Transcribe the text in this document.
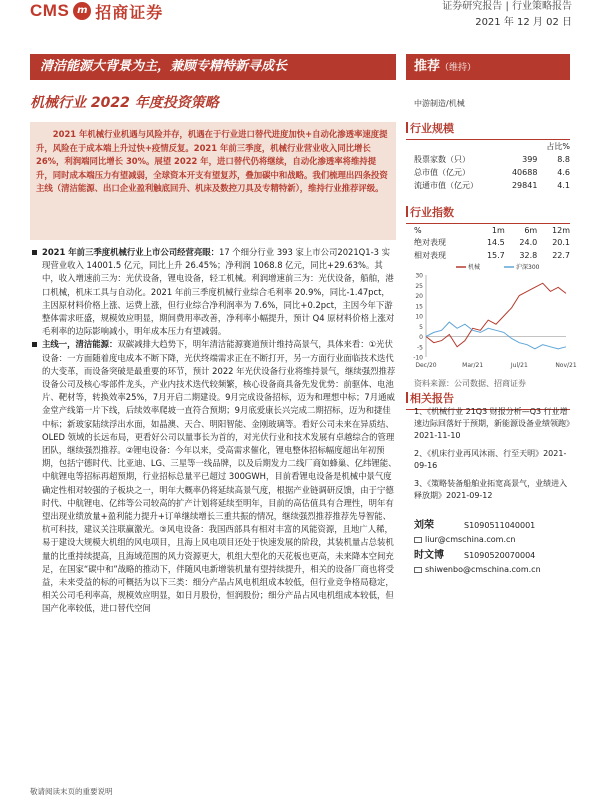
CMS m 招商证券	证券研究报告 | 行业策略报告
2021 年 12 月 02 日
清洁能源大背景为主，兼顾专精特新寻成长	推荐（维持）
机械行业 2022 年度投资策略
2021 年机械行业机遇与风险并存，机遇在于行业进口替代进度加快+自动化渗透率速度提升，风险在于成本端上升过快+疫情反复。2021 年前三季度，机械行业营业收入同比增长 26%，利润端同比增长 30%。展望 2022 年，进口替代仍将继续，自动化渗透率将维持提升，同时成本端压力有望减弱，全球资本开支有望复苏，叠加碳中和战略。我们梳理出四条投资主线（清洁能源、出口企业盈利触底回升、机床及数控刀具及专精特新），维持行业推荐评级。
2021 年前三季度机械行业上市公司经营亮眼：17 个细分行业 393 家上市公司2021Q1-3 实现营业收入 14001.5 亿元，同比上升 26.45%；净利润 1068.8 亿元，同比+29.63%。其中，收入增速前三为：光伏设备，锂电设备，轻工机械。利润增速前三为：光伏设备，船舶，港口机械，机床工具与自动化。2021 年前三季度机械行业综合毛利率 20.9%，同比-1.47pct，主因原材料价格上涨、运费上涨，但行业综合净利润率为 7.6%，同比+0.2pct，主因今年下游整体需求旺盛，规模效应明显，期间费用率改善，净利率小幅提升，预计 Q4 原材料价格上涨对毛利率的边际影响减小，明年成本压力有望减弱。
主线一，清洁能源：双碳减排大趋势下，明年清洁能源赛道预计维持高景气，具体来看：①光伏设备：一方面随着度电成本不断下降，光伏终端需求正在不断打开，另一方面行业面临技术迭代的大变革，而设备突破是最重要的环节，预计 2022 年光伏设备行业将维持景气，继续强烈推荐设备公司及核心零部件龙头，产业内技术迭代较频繁，核心设备商具备先发优势：前驱体、电池片、靶材等，转换效率25%，7月开启二期建设。9月完成设备招标，迈为和理想中标；7月通威金堂产线第一片下线，后续效率爬坡一直符合预期；9月底爱康长兴完成二期招标，迈为和捷佳中标；新玻家陆续浮出水面，如晶澳、天合、明阳智能、金刚玻璃等。看好公司未来在异质结、OLED 领域的长远布局，更看好公司以量事长为首的，对光伏行业和技术发展有卓越综合的管理团队，继续强烈推荐。②锂电设备：今年以来，受高需求催化，锂电整体招标幅度超出年初预期，包括宁德时代、比亚迪、LG、三星等一线品牌，以及后期发力二线厂商如蜂巢、亿纬锂能、中航锂电等招标再超预期，行业招标总量平已超过 300GWH，目前看锂电设备是机械中景气度确定性相对较强的子板块之一，明年大概率仍将延续高景气度，根据产业链调研反馈，由于宁德时代、中航锂电、亿纬等公司较高的扩产计划将延续至明年，目前的高估值具有合理性，明年有望出现业绩放量+盈利能力提升+订单继续增长三重共振的情况，继续强烈推荐推荐先导智能、杭可科技，建议关注联赢激光。③风电设备：我国西部具有相对丰富的风能资源，且地广人稀，易于建设大规模大机组的风电项目，且海上风电项目还处于快速发展的阶段，其装机量占总装机量的比重持续提高，且海域范围的风力资源更大，机组大型化的天花板也更高，未来降本空间充足，在国家“碳中和”战略的推动下，伴随风电新增装机量有望持续提升，相关的设备厂商也将受益，未来受益的标的可概括为以下三类：细分产品占风电机组成本较低，但行业竞争格局稳定，相关公司毛利率高，规模效应明显，如日月股份，恒润股份；细分产品占风电机组成本较低，但国产化率较低，进口替代空间
中游制造/机械
行业规模
		占比%
股票家数（只）	399	8.8
总市值（亿元）	40688	4.6
流通市值（亿元）	29841	4.1
行业指数
%	1m	6m	12m
绝对表现	14.5	24.0	20.1
相对表现	15.7	32.8	22.7
30
25
20
15
10
5
0
-5
-10
Dec/20	Mar/21	Jul/21	Nov/21
机械	沪深300
资料来源：公司数据、招商证券
相关报告
1、《机械行业 21Q3 财报分析—Q3 行业增速边际回落好于预期，新能源设备业绩领跑》2021-11-10
2、《机床行业再风沐雨、行至天明》2021-09-16
3、《策略装备船舶业拓宽高景气，业绩进入释放期》2021-09-12
刘荣	S1090511040001
liur@cmschina.com.cn
时文博	S1090520070004
shiwenbo@cmschina.com.cn
敬请阅读末页的重要说明
